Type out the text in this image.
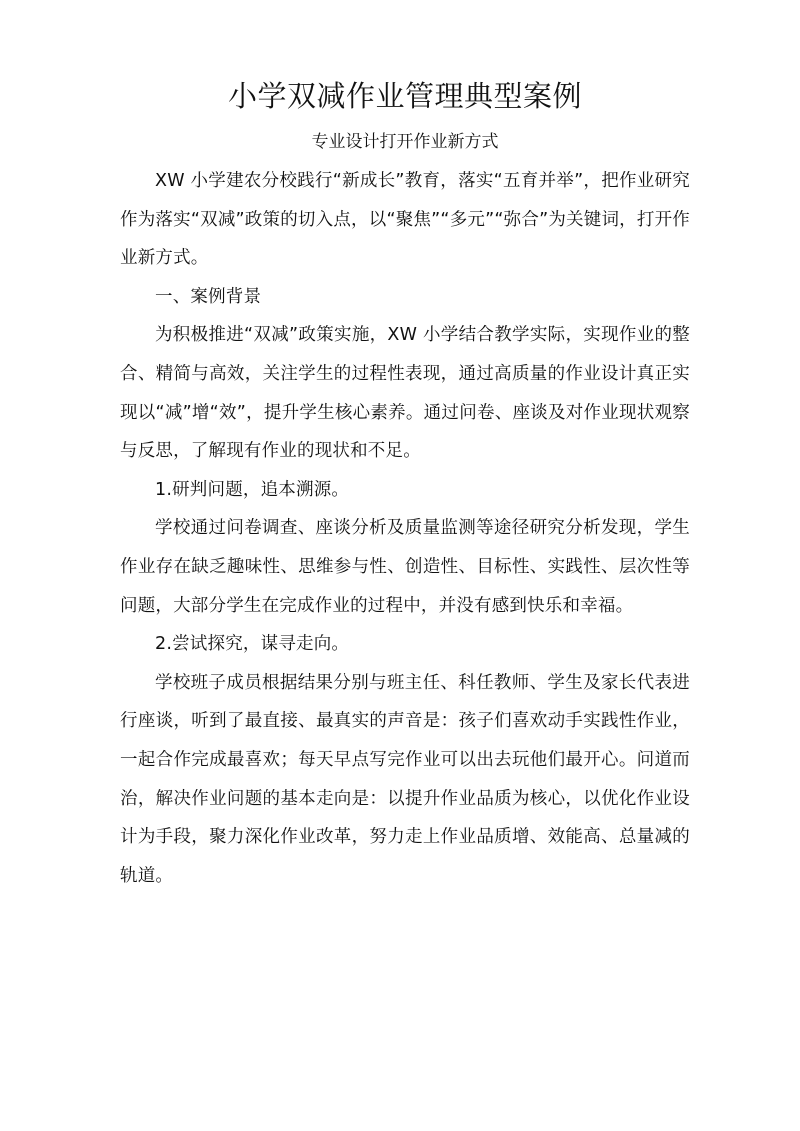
小学双减作业管理典型案例
专业设计打开作业新方式

XW 小学建农分校践行“新成长”教育，落实“五育并举”，把作业研究作为落实“双减”政策的切入点，以“聚焦”“多元”“弥合”为关键词，打开作业新方式。

一、案例背景

为积极推进“双减”政策实施，XW 小学结合教学实际，实现作业的整合、精简与高效，关注学生的过程性表现，通过高质量的作业设计真正实现以“减”增“效”，提升学生核心素养。通过问卷、座谈及对作业现状观察与反思，了解现有作业的现状和不足。

1.研判问题，追本溯源。

学校通过问卷调查、座谈分析及质量监测等途径研究分析发现，学生作业存在缺乏趣味性、思维参与性、创造性、目标性、实践性、层次性等问题，大部分学生在完成作业的过程中，并没有感到快乐和幸福。

2.尝试探究，谋寻走向。

学校班子成员根据结果分别与班主任、科任教师、学生及家长代表进行座谈，听到了最直接、最真实的声音是：孩子们喜欢动手实践性作业，一起合作完成最喜欢；每天早点写完作业可以出去玩他们最开心。问道而治，解决作业问题的基本走向是：以提升作业品质为核心，以优化作业设计为手段，聚力深化作业改革，努力走上作业品质增、效能高、总量减的轨道。
